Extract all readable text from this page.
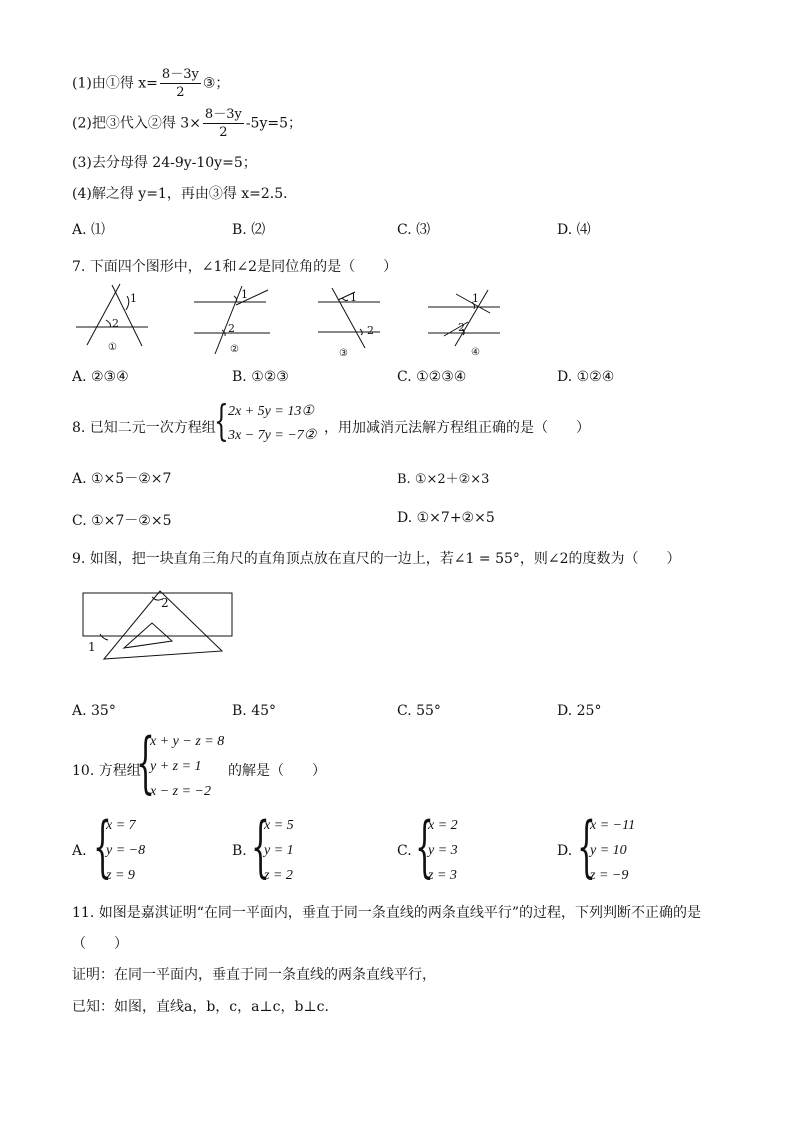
(1)由①得 $x= \frac{8-3y}{2}$ ③；
(2)把③代入②得 $3\times \frac{8-3y}{2} -5y=5$；
(3)去分母得 24-9y-10y=5；
(4)解之得 y=1，再由③得 x=2.5．
A. ⑴	B. ⑵	C. ⑶	D. ⑷
7. 下面四个图形中，∠1和∠2是同位角的是（　　）
1
2
①
1
2
②
1
2
③
1
2
④
A. ②③④	B. ①②③	C. ①②③④	D. ①②④
8. 已知二元一次方程组
{ 2x + 5y = 13①
3x − 7y = −7② ，用加减消元法解方程组正确的是（　　）
A. ①×5－②×7	B. ①×2＋②×3
C. ①×7－②×5	D. ①×7+②×5
9. 如图，把一块直角三角尺的直角顶点放在直尺的一边上，若∠1 = 55°，则∠2的度数为（　　）
1
2
A. 35°	B. 45°	C. 55°	D. 25°
10. 方程组
{
x + y − z = 8
y + z = 1
x − z = −2
的解是（　　）
A. {
x = 7
y = −8
z = 9
B. {
x = 5
y = 1
z = 2
C. {
x = 2
y = 3
z = 3
D. {
x = −11
y = 10
z = −9
11. 如图是嘉淇证明“在同一平面内，垂直于同一条直线的两条直线平行”的过程，下列判断不正确的是
（　　）
证明：在同一平面内，垂直于同一条直线的两条直线平行，
已知：如图，直线a，b，c，a⊥c，b⊥c．
